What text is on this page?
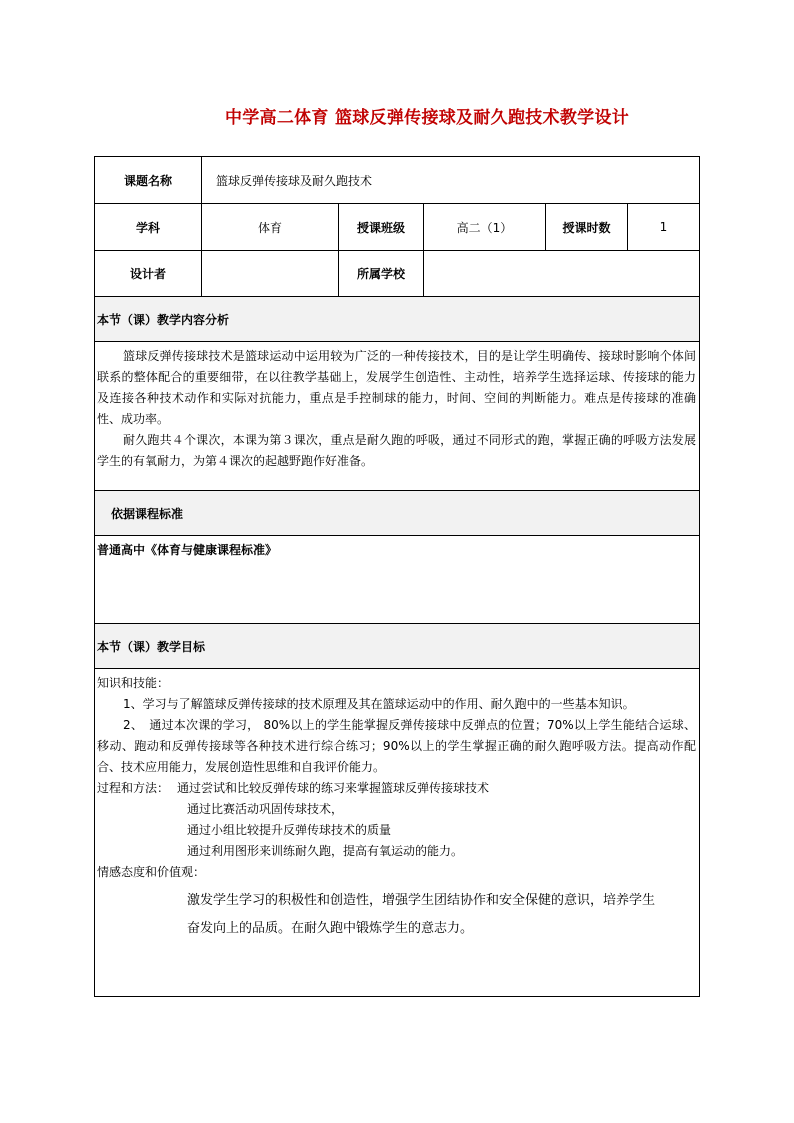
中学高二体育 篮球反弹传接球及耐久跑技术教学设计
课题名称	篮球反弹传接球及耐久跑技术
学科	体育	授课班级	高二（1）	授课时数	1
设计者	所属学校
本节（课）教学内容分析

篮球反弹传接球技术是篮球运动中运用较为广泛的一种传接技术，目的是让学生明确传、接球时影响个体间联系的整体配合的重要细带，在以往教学基础上，发展学生创造性、主动性，培养学生选择运球、传接球的能力及连接各种技术动作和实际对抗能力，重点是手控制球的能力，时间、空间的判断能力。难点是传接球的准确性、成功率。

耐久跑共４个课次，本课为第３课次，重点是耐久跑的呼吸，通过不同形式的跑，掌握正确的呼吸方法发展学生的有氧耐力，为第４课次的起越野跑作好准备。

依据课程标准
普通高中《体育与健康课程标准》
本节（课）教学目标

知识和技能：

1、学习与了解篮球反弹传接球的技术原理及其在篮球运动中的作用、耐久跑中的一些基本知识。

2、　通过本次课的学习， 80%以上的学生能掌握反弹传接球中反弹点的位置；70%以上学生能结合运球、移动、跑动和反弹传接球等各种技术进行综合练习；90%以上的学生掌握正确的耐久跑呼吸方法。提高动作配合、技术应用能力，发展创造性思维和自我评价能力。

过程和方法： 通过尝试和比较反弹传球的练习来掌握篮球反弹传接球技术

通过比赛活动巩固传球技术，

通过小组比较提升反弹传球技术的质量

通过利用图形来训练耐久跑，提高有氧运动的能力。

情感态度和价值观：

激发学生学习的积极性和创造性，增强学生团结协作和安全保健的意识，培养学生

奋发向上的品质。在耐久跑中锻炼学生的意志力。
